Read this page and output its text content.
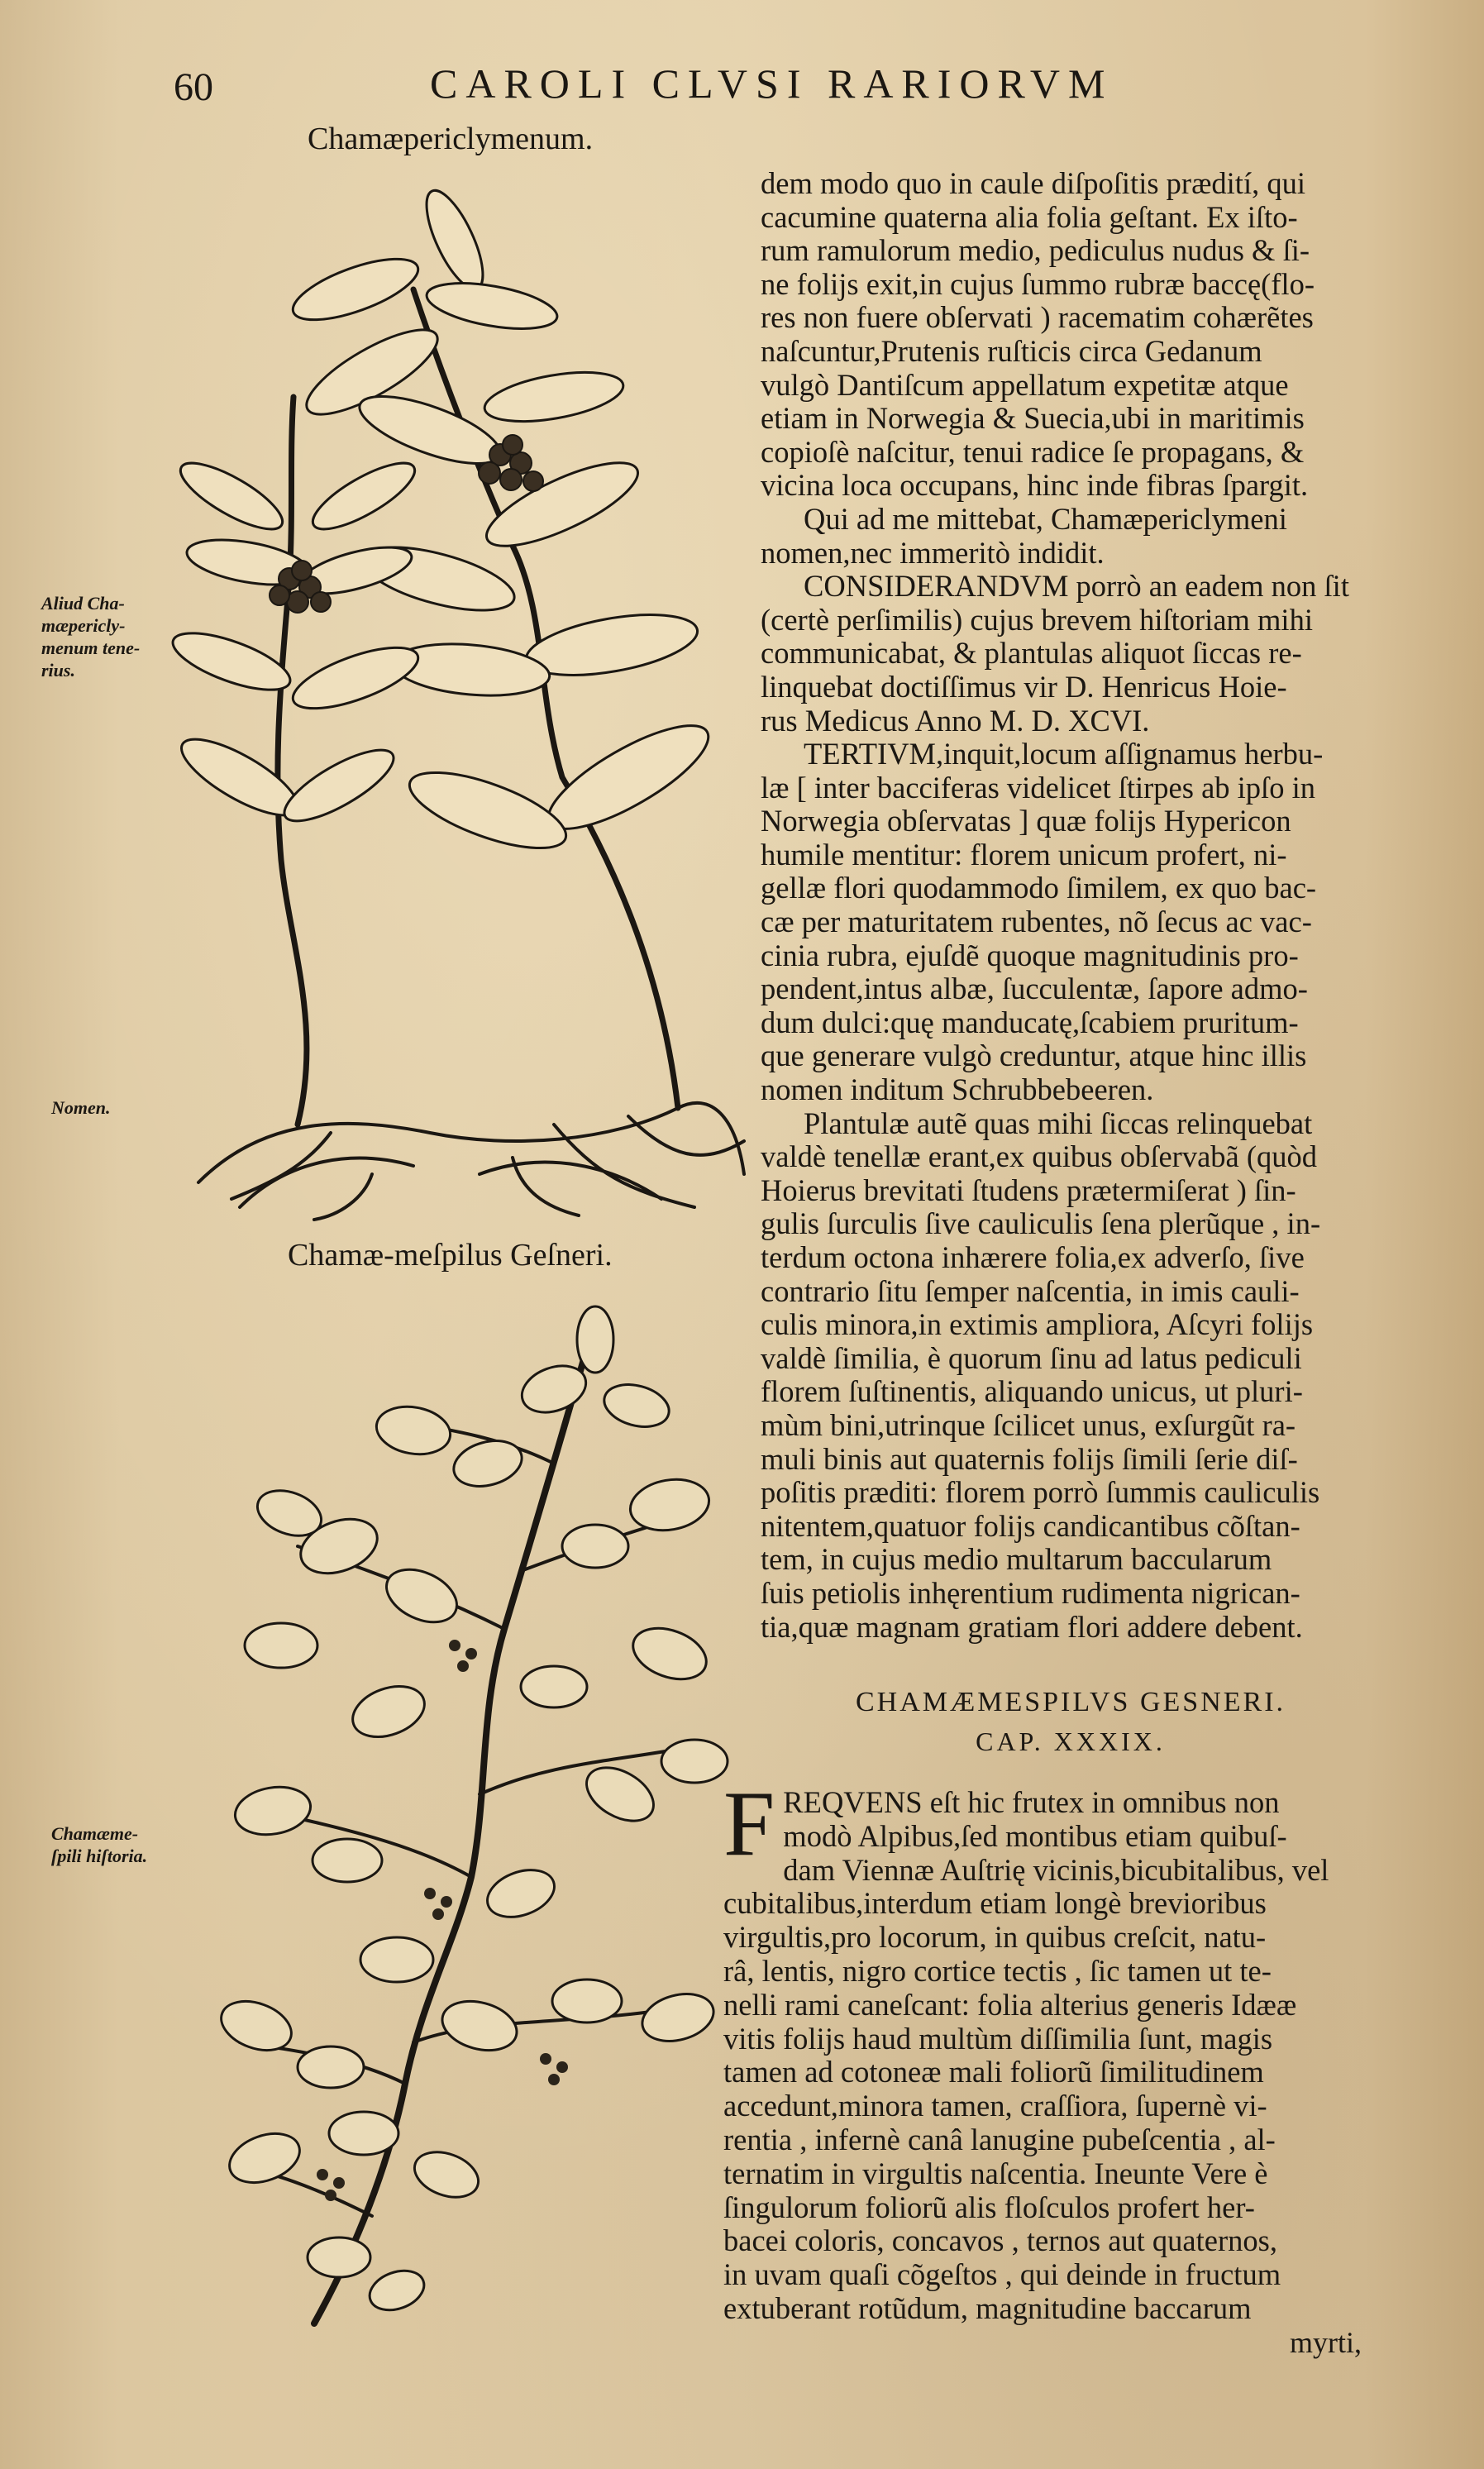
60	CAROLI CLVSI RARIORVM
Chamæpericlymenum.
Aliud Cha-
mæpericly-
menum tene-
rius.
Nomen.
Chamæ-meſpilus Geſneri.
Chamæme-
ſpili hiſtoria.

dem modo quo in caule diſpoſitis prædití, qui

cacumine quaterna alia folia geſtant. Ex iſto-

rum ramulorum medio, pediculus nudus & ſi-

ne folijs exit,in cujus ſummo rubræ baccę(flo-

res non fuere obſervati ) racematim cohærẽtes

naſcuntur,Prutenis ruſticis circa Gedanum

vulgò Dantiſcum appellatum expetitæ atque

etiam in Norwegia & Suecia,ubi in maritimis

copioſè naſcitur, tenui radice ſe propagans, &

vicina loca occupans, hinc inde fibras ſpargit.

Qui ad me mittebat, Chamæpericlymeni

nomen,nec immeritò indidit.

CONSIDERANDVM porrò an eadem non ſit

(certè perſimilis) cujus brevem hiſtoriam mihi

communicabat, & plantulas aliquot ſiccas re-

linquebat doctiſſimus vir D. Henricus Hoie-

rus Medicus Anno M. D. XCVI.

TERTIVM,inquit,locum aſſignamus herbu-

læ [ inter bacciferas videlicet ſtirpes ab ipſo in

Norwegia obſervatas ] quæ folijs Hypericon

humile mentitur: florem unicum profert, ni-

gellæ flori quodammodo ſimilem, ex quo bac-

cæ per maturitatem rubentes, nõ ſecus ac vac-

cinia rubra, ejuſdẽ quoque magnitudinis pro-

pendent,intus albæ, ſucculentæ, ſapore admo-

dum dulci:quę manducatę,ſcabiem pruritum-

que generare vulgò creduntur, atque hinc illis

nomen inditum Schrubbebeeren.

Plantulæ autẽ quas mihi ſiccas relinquebat

valdè tenellæ erant,ex quibus obſervabã (quòd

Hoierus brevitati ſtudens prætermiſerat ) ſin-

gulis ſurculis ſive cauliculis ſena plerũque , in-

terdum octona inhærere folia,ex adverſo, ſive

contrario ſitu ſemper naſcentia, in imis cauli-

culis minora,in extimis ampliora, Aſcyri folijs

valdè ſimilia, è quorum ſinu ad latus pediculi

florem ſuſtinentis, aliquando unicus, ut pluri-

mùm bini,utrinque ſcilicet unus, exſurgũt ra-

muli binis aut quaternis folijs ſimili ſerie diſ-

poſitis præditi: florem porrò ſummis cauliculis

nitentem,quatuor folijs candicantibus cõſtan-

tem, in cujus medio multarum baccularum

ſuis petiolis inhęrentium rudimenta nigrican-

tia,quæ magnam gratiam flori addere debent.

CHAMÆMESPILVS GESNERI.
CAP. XXXIX.
F REQVENS eſt hic frutex in omnibus non
modò Alpibus,ſed montibus etiam quibuſ-
dam Viennæ Auſtrię vicinis,bicubitalibus, vel
cubitalibus,interdum etiam longè brevioribus
virgultis,pro locorum, in quibus creſcit, natu-
râ, lentis, nigro cortice tectis , ſic tamen ut te-
nelli rami caneſcant: folia alterius generis Idææ
vitis folijs haud multùm diſſimilia ſunt, magis
tamen ad cotoneæ mali foliorũ ſimilitudinem
accedunt,minora tamen, craſſiora, ſupernè vi-
rentia , infernè canâ lanugine pubeſcentia , al-
ternatim in virgultis naſcentia. Ineunte Vere è
ſingulorum foliorũ alis floſculos profert her-
bacei coloris, concavos , ternos aut quaternos,
in uvam quaſi cõgeſtos , qui deinde in fructum
extuberant rotũdum, magnitudine baccarum
myrti,
